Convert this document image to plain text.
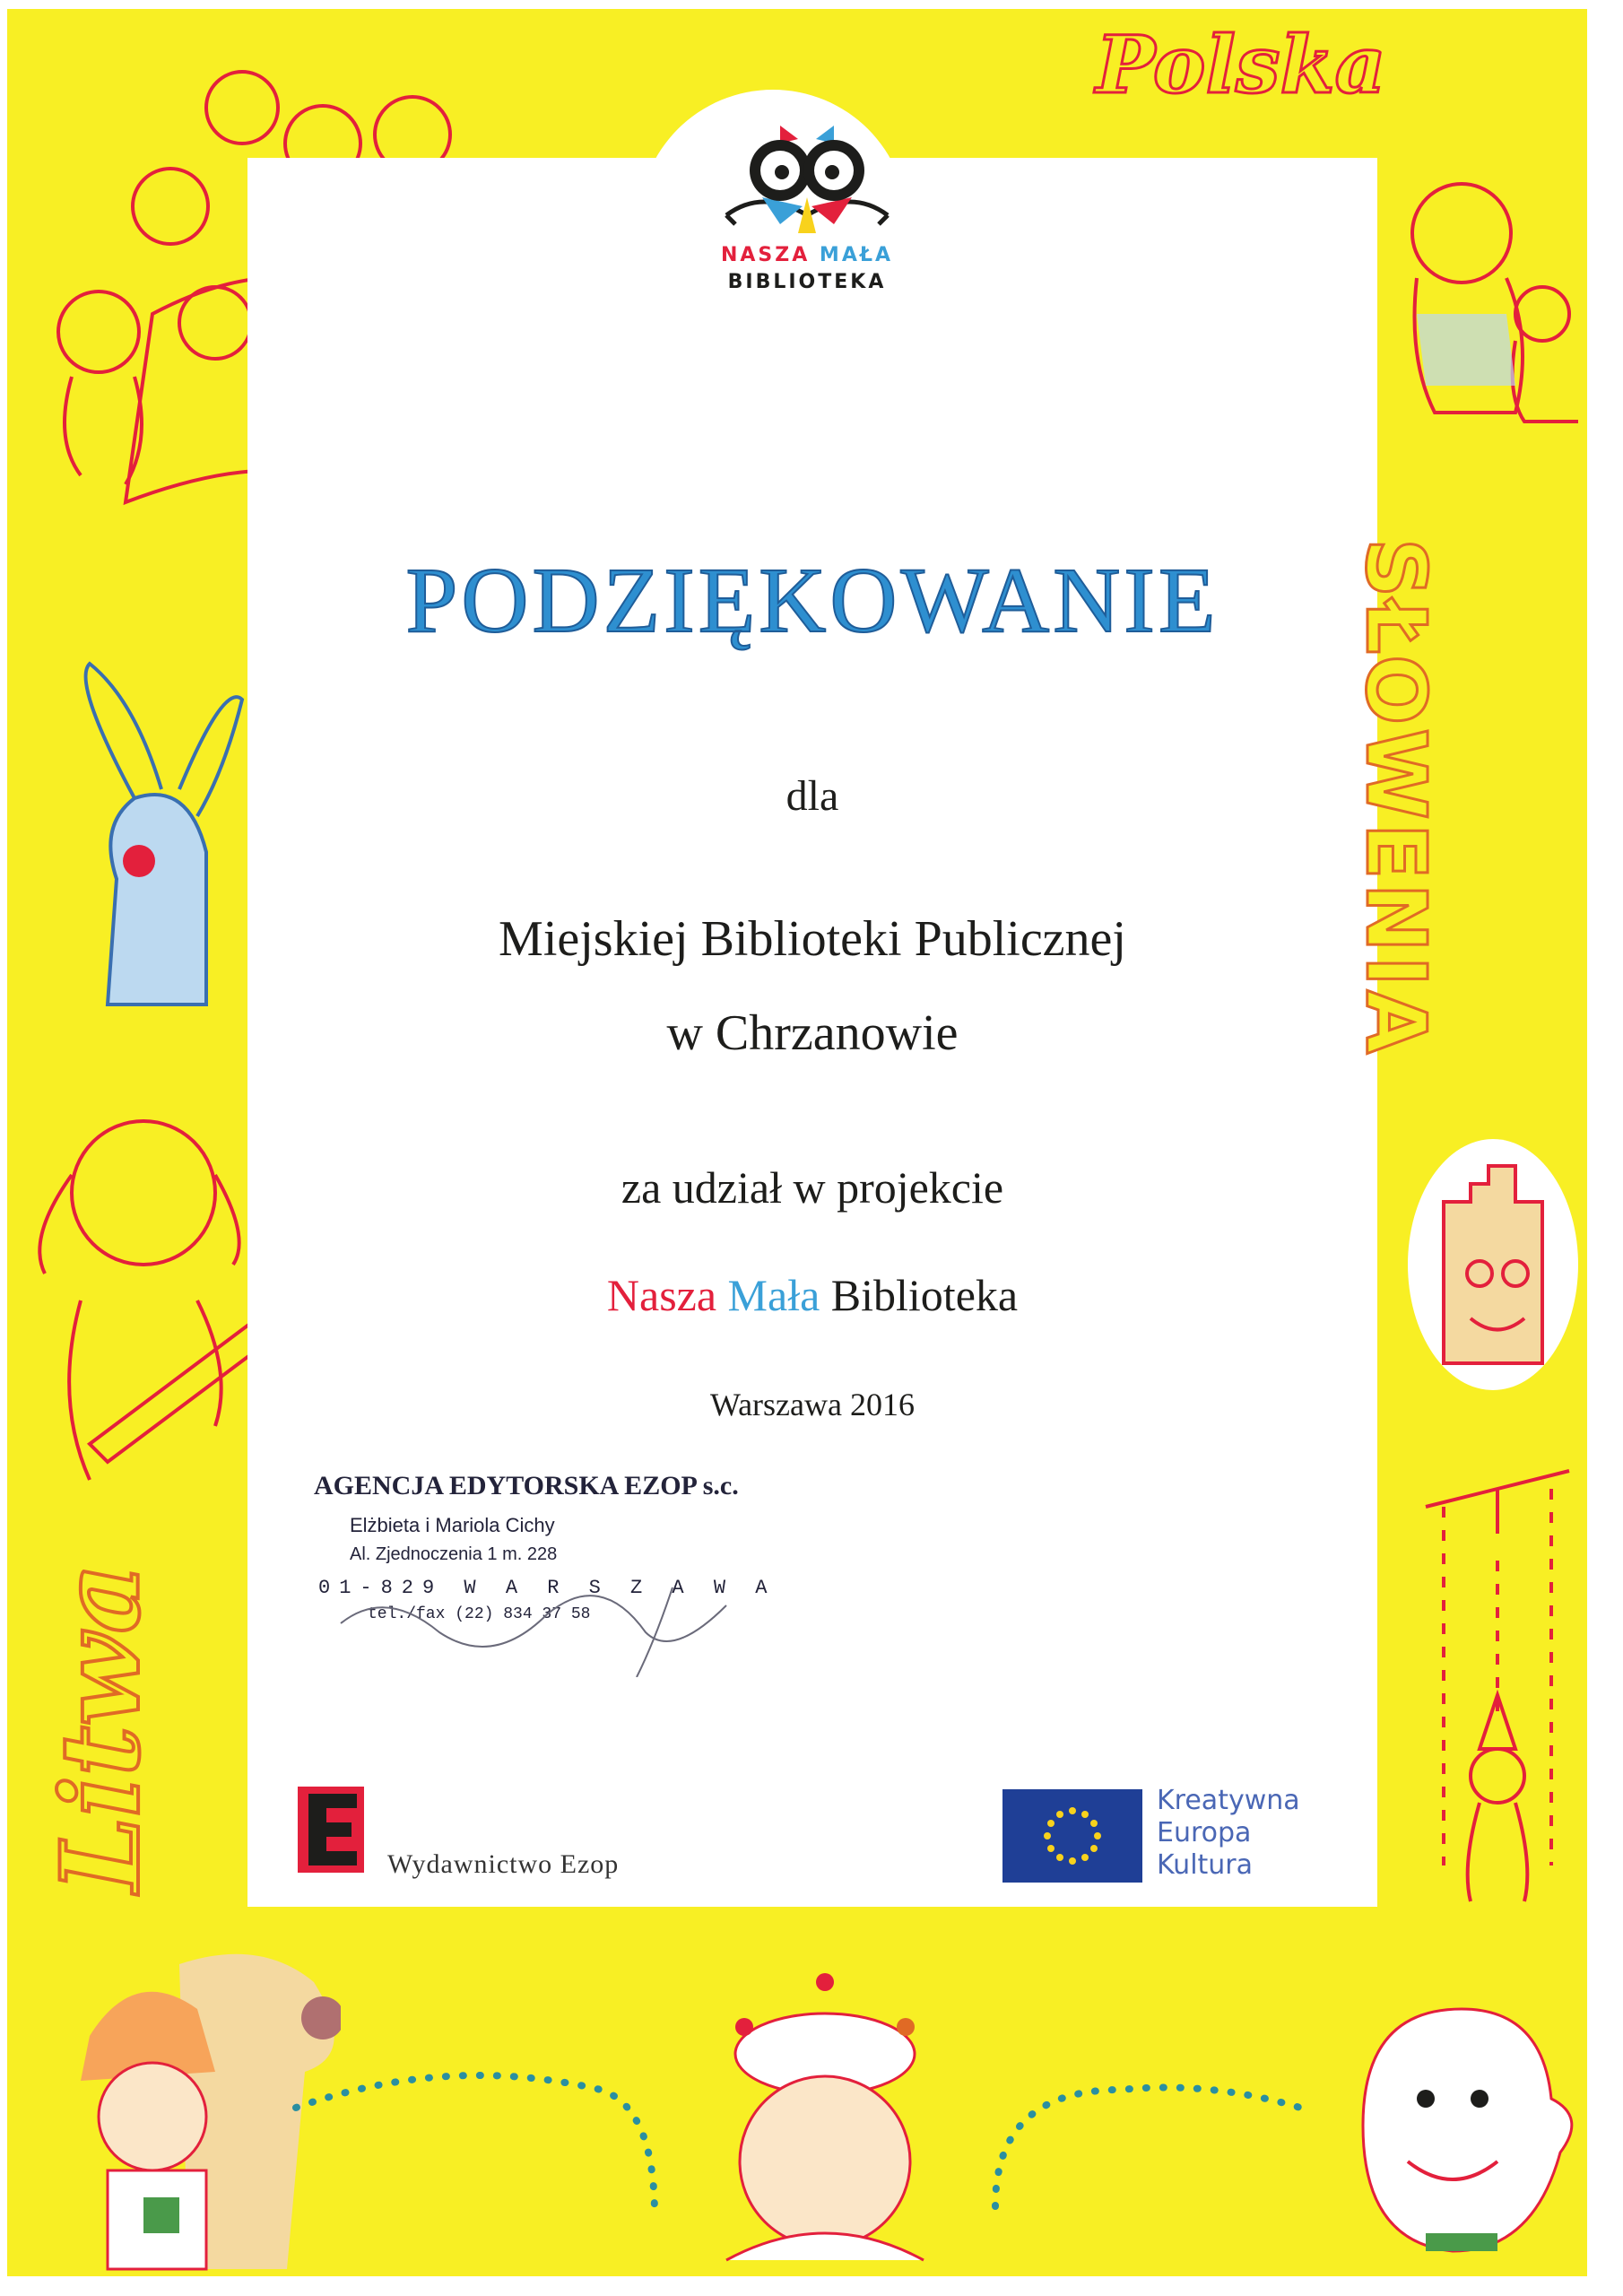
NASZA MAŁA
BIBLIOTEKA
Polska
SŁOWENIA
Litwa
PODZIĘKOWANIE
dla
Miejskiej Biblioteki Publicznej
w Chrzanowie
za udział w projekcie
Nasza Mała Biblioteka
Warszawa 2016
AGENCJA EDYTORSKA EZOP s.c.
Elżbieta i Mariola Cichy
Al. Zjednoczenia 1 m. 228
01-829 W A R S Z A W A
tel./fax (22) 834 37 58
Wydawnictwo Ezop
Kreatywna
Europa
Kultura
